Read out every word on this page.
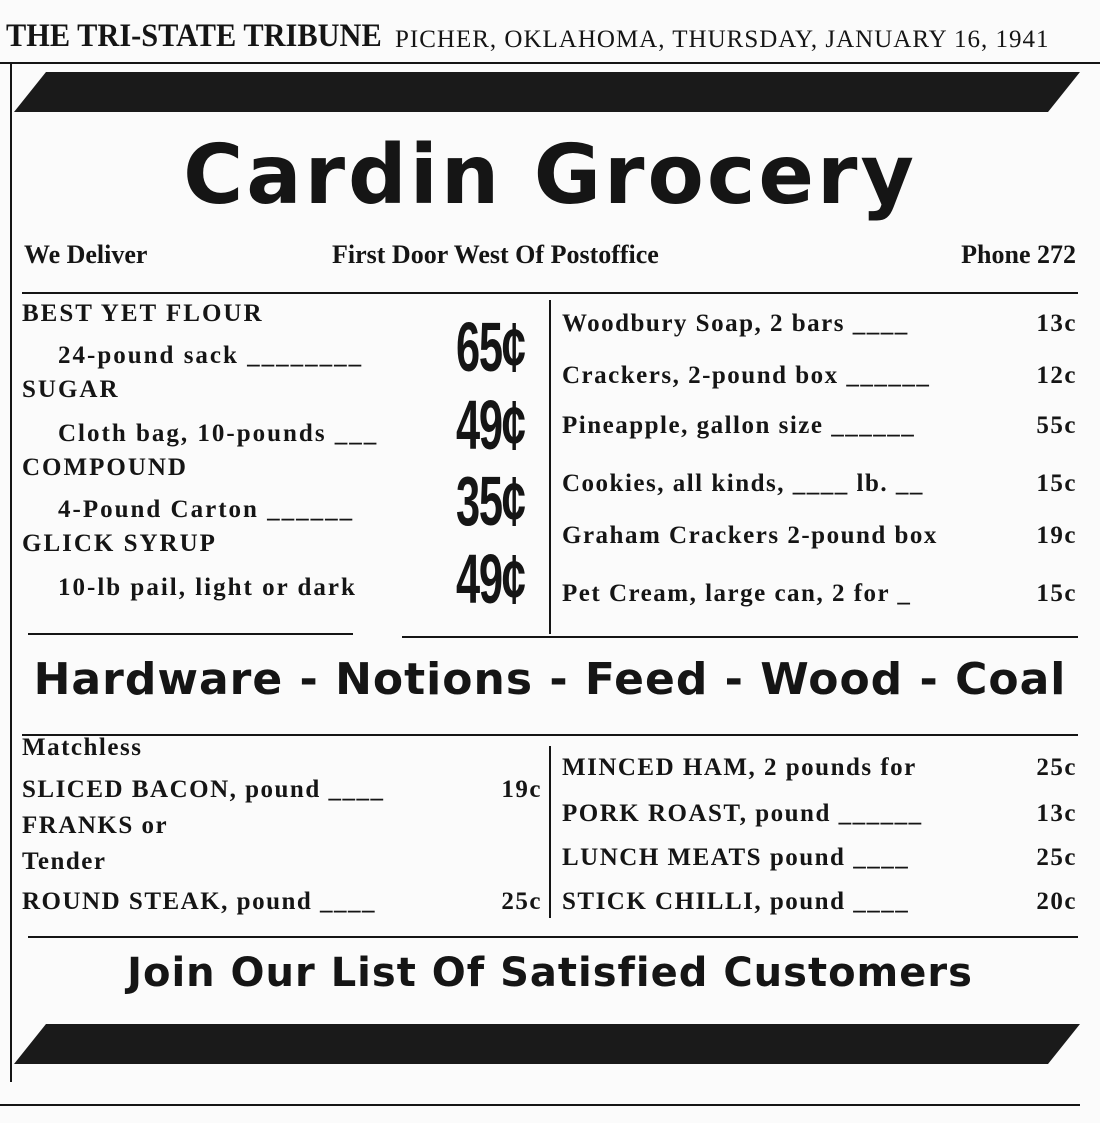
THE TRI-STATE TRIBUNE PICHER, OKLAHOMA, THURSDAY, JANUARY 16, 1941
Cardin Grocery
We Deliver	First Door West Of Postoffice	Phone 272
BEST YET FLOUR
24-pound sack ________ 65¢
SUGAR
Cloth bag, 10-pounds ___ 49¢
COMPOUND
4-Pound Carton ______ 35¢
GLICK SYRUP
10-lb pail, light or dark 49¢
Woodbury Soap, 2 bars ____	13c
Crackers, 2-pound box ______	12c
Pineapple, gallon size ______	55c
Cookies, all kinds, ____ lb. __	15c
Graham Crackers 2-pound box	19c
Pet Cream, large can, 2 for _	15c
Hardware - Notions - Feed - Wood - Coal
Matchless
SLICED BACON, pound ____	19c
FRANKS or
Tender
ROUND STEAK, pound ____	25c
MINCED HAM, 2 pounds for	25c
PORK ROAST, pound ______	13c
LUNCH MEATS pound ____	25c
STICK CHILLI, pound ____	20c
Join Our List Of Satisfied Customers
